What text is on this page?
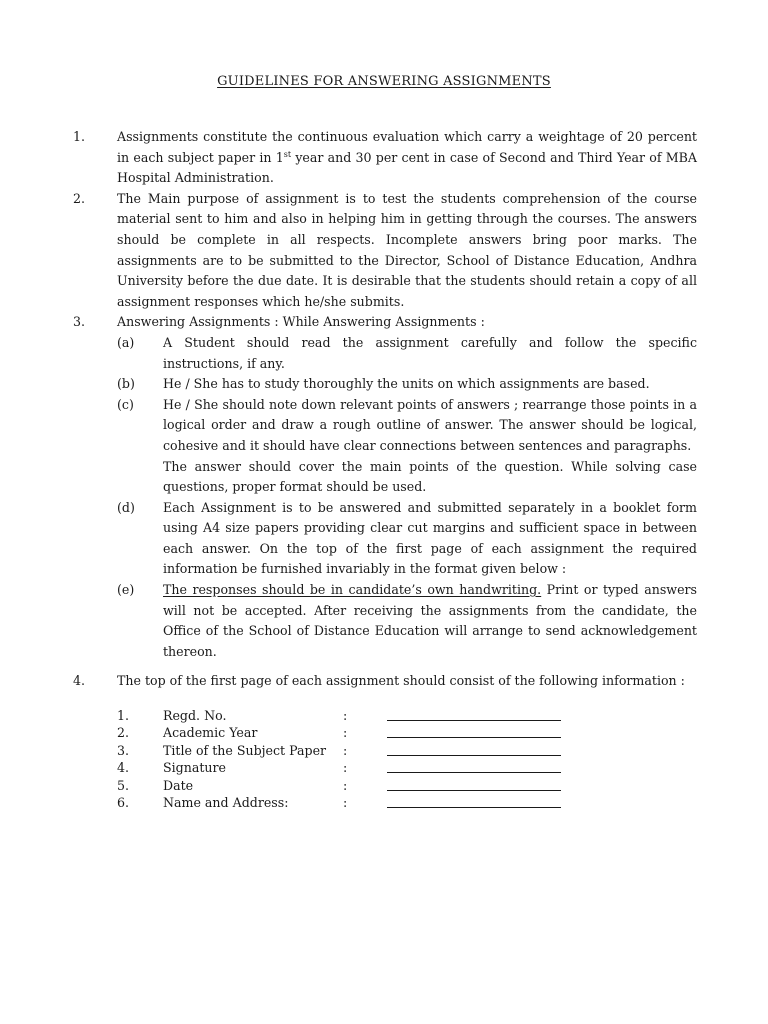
GUIDELINES FOR ANSWERING ASSIGNMENTS
1.	Assignments constitute the continuous evaluation which carry a weightage of 20 percent in each subject paper in 1st year and 30 per cent in case of Second and Third Year of MBA Hospital Administration.
2.	The Main purpose of assignment is to test the students comprehension of the course material sent to him and also in helping him in getting through the courses. The answers should be complete in all respects. Incomplete answers bring poor marks. The assignments are to be submitted to the Director, School of Distance Education, Andhra University before the due date. It is desirable that the students should retain a copy of all assignment responses which he/she submits.
3.	Answering Assignments : While Answering Assignments :
(a) A Student should read the assignment carefully and follow the specific instructions, if any.
(b) He / She has to study thoroughly the units on which assignments are based.
(c) He / She should note down relevant points of answers ; rearrange those points in a logical order and draw a rough outline of answer. The answer should be logical, cohesive and it should have clear connections between sentences and paragraphs.
The answer should cover the main points of the question. While solving case questions, proper format should be used.
(d) Each Assignment is to be answered and submitted separately in a booklet form using A4 size papers providing clear cut margins and sufficient space in between each answer. On the top of the first page of each assignment the required information be furnished invariably in the format given below :
(e) The responses should be in candidate’s own handwriting. Print or typed answers will not be accepted. After receiving the assignments from the candidate, the Office of the School of Distance Education will arrange to send acknowledgement thereon.
4.	The top of the first page of each assignment should consist of the following information :
1.	Regd. No.	:
2.	Academic Year	:
3.	Title of the Subject Paper :
4.	Signature	:
5.	Date	:
6.	Name and Address:	:
